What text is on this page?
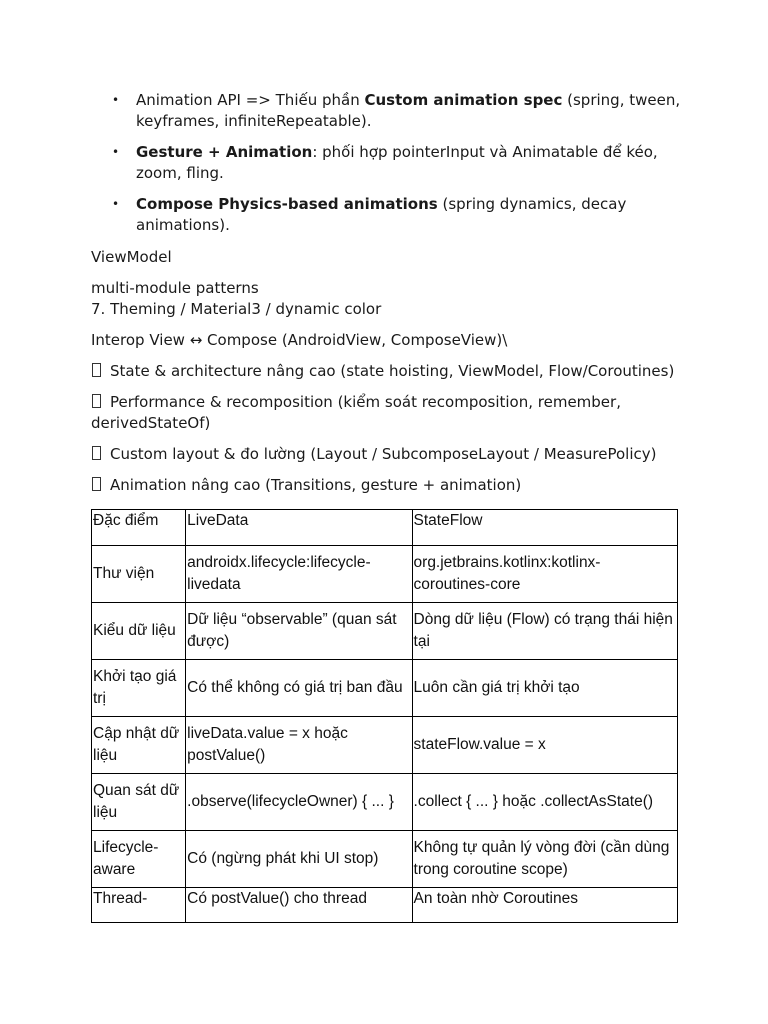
• Animation API => Thiếu phần Custom animation spec (spring, tween, keyframes, infiniteRepeatable).
• Gesture + Animation: phối hợp pointerInput và Animatable để kéo, zoom, fling.
• Compose Physics-based animations (spring dynamics, decay animations).

ViewModel

multi-module patterns

7. Theming / Material3 / dynamic color

Interop View ↔ Compose (AndroidView, ComposeView)\

State & architecture nâng cao (state hoisting, ViewModel, Flow/Coroutines)

Performance & recomposition (kiểm soát recomposition, remember, derivedStateOf)

Custom layout & đo lường (Layout / SubcomposeLayout / MeasurePolicy)

Animation nâng cao (Transitions, gesture + animation)

Đặc điểm	LiveData	StateFlow
Thư viện	androidx.lifecycle:lifecycle-livedata	org.jetbrains.kotlinx:kotlinx-coroutines-core
Kiểu dữ liệu	Dữ liệu “observable” (quan sát được)	Dòng dữ liệu (Flow) có trạng thái hiện tại
Khởi tạo giá trị	Có thể không có giá trị ban đầu	Luôn cần giá trị khởi tạo
Cập nhật dữ liệu	liveData.value = x hoặc postValue()	stateFlow.value = x
Quan sát dữ liệu	.observe(lifecycleOwner) { ... }	.collect { ... } hoặc .collectAsState()
Lifecycle-aware	Có (ngừng phát khi UI stop)	Không tự quản lý vòng đời (cần dùng trong coroutine scope)
Thread-	Có postValue() cho thread	An toàn nhờ Coroutines
